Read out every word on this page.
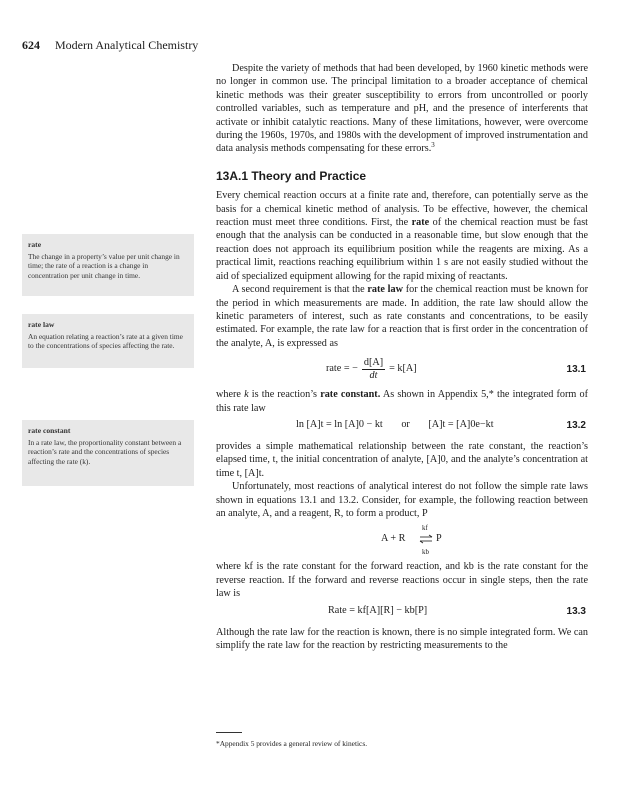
624 Modern Analytical Chemistry
rate
The change in a property’s value per unit change in time; the rate of a reaction is a change in concentration per unit change in time.
rate law
An equation relating a reaction’s rate at a given time to the concentrations of species affecting the rate.
rate constant
In a rate law, the proportionality constant between a reaction’s rate and the concentrations of species affecting the rate (k).

Despite the variety of methods that had been developed, by 1960 kinetic methods were no longer in common use. The principal limitation to a broader acceptance of chemical kinetic methods was their greater susceptibility to errors from uncontrolled or poorly controlled variables, such as temperature and pH, and the presence of interferents that activate or inhibit catalytic reactions. Many of these limitations, however, were overcome during the 1960s, 1970s, and 1980s with the development of improved instrumentation and data analysis methods compensating for these errors.$^3$

13A.1 Theory and Practice

Every chemical reaction occurs at a finite rate and, therefore, can potentially serve as the basis for a chemical kinetic method of analysis. To be effective, however, the chemical reaction must meet three conditions. First, the rate of the chemical reaction must be fast enough that the analysis can be conducted in a reasonable time, but slow enough that the reaction does not approach its equilibrium position while the reagents are mixing. As a practical limit, reactions reaching equilibrium within 1 s are not easily studied without the aid of specialized equipment allowing for the rapid mixing of reactants.

A second requirement is that the rate law for the chemical reaction must be known for the period in which measurements are made. In addition, the rate law should allow the kinetic parameters of interest, such as rate constants and concentrations, to be easily estimated. For example, the rate law for a reaction that is first order in the concentration of the analyte, A, is expressed as

rate = − $\frac{d[A]}{dt} = k[A]$	13.1

where k is the reaction’s rate constant. As shown in Appendix 5,* the integrated form of this rate law

ln [A]t = ln [A]0 − kt or [A]t = [A]0e−kt	13.2

provides a simple mathematical relationship between the rate constant, the reaction’s elapsed time, t, the initial concentration of analyte, [A]0, and the analyte’s concentration at time t, [A]t.

Unfortunately, most reactions of analytical interest do not follow the simple rate laws shown in equations 13.1 and 13.2. Consider, for example, the following reaction between an analyte, A, and a reagent, R, to form a product, P

A + R
kf
kb
P

where kf is the rate constant for the forward reaction, and kb is the rate constant for the reverse reaction. If the forward and reverse reactions occur in single steps, then the rate law is

Rate = kf[A][R] − kb[P]	13.3

Although the rate law for the reaction is known, there is no simple integrated form. We can simplify the rate law for the reaction by restricting measurements to the

*Appendix 5 provides a general review of kinetics.
